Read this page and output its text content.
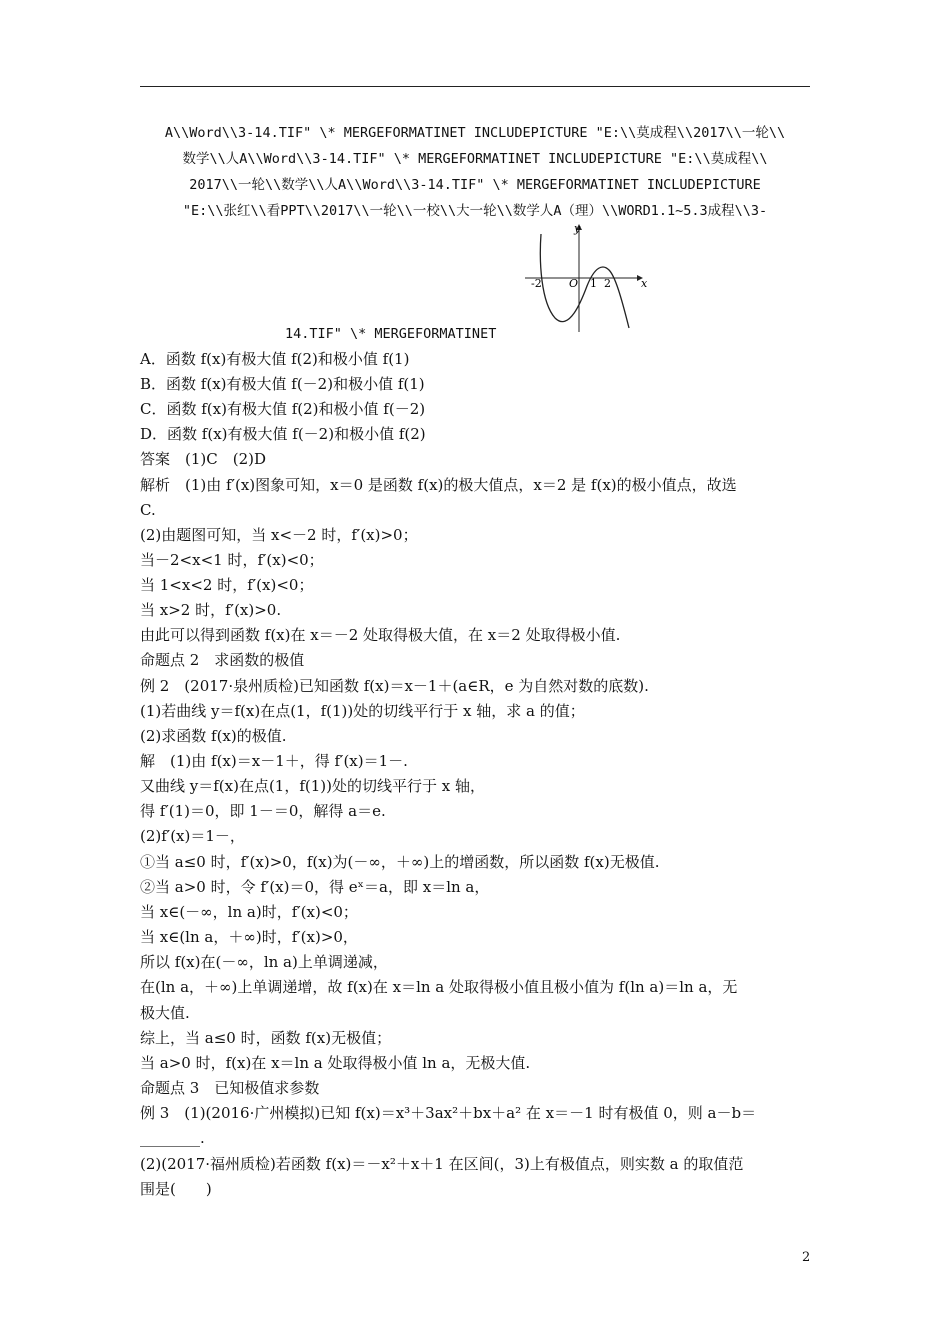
A\\Word\\3-14.TIF" \* MERGEFORMATINET INCLUDEPICTURE "E:\\莫成程\\2017\\一轮\\
数学\\人A\\Word\\3-14.TIF" \* MERGEFORMATINET INCLUDEPICTURE "E:\\莫成程\\
2017\\一轮\\数学\\人A\\Word\\3-14.TIF" \* MERGEFORMATINET INCLUDEPICTURE
"E:\\张红\\看PPT\\2017\\一轮\\一校\\大一轮\\数学人A（理）\\WORD1.1~5.3成程\\3-
y
x
O
-2	1 2
14.TIF" \* MERGEFORMATINET
A．函数 f(x)有极大值 f(2)和极小值 f(1)
B．函数 f(x)有极大值 f(－2)和极小值 f(1)
C．函数 f(x)有极大值 f(2)和极小值 f(－2)
D．函数 f(x)有极大值 f(－2)和极小值 f(2)
答案　(1)C　(2)D
解析　(1)由 f′(x)图象可知，x＝0 是函数 f(x)的极大值点，x＝2 是 f(x)的极小值点，故选
C.
(2)由题图可知，当 x<－2 时，f′(x)>0；
当－2<x<1 时，f′(x)<0；
当 1<x<2 时，f′(x)<0；
当 x>2 时，f′(x)>0.
由此可以得到函数 f(x)在 x＝－2 处取得极大值，在 x＝2 处取得极小值.
命题点 2　求函数的极值
例 2　(2017·泉州质检)已知函数 f(x)＝x－1＋(a∈R，e 为自然对数的底数).
(1)若曲线 y＝f(x)在点(1，f(1))处的切线平行于 x 轴，求 a 的值；
(2)求函数 f(x)的极值.
解　(1)由 f(x)＝x－1＋，得 f′(x)＝1－.
又曲线 y＝f(x)在点(1，f(1))处的切线平行于 x 轴，
得 f′(1)＝0，即 1－＝0，解得 a＝e.
(2)f′(x)＝1－，
①当 a≤0 时，f′(x)>0，f(x)为(－∞，＋∞)上的增函数，所以函数 f(x)无极值.
②当 a>0 时，令 f′(x)＝0，得 eˣ＝a，即 x＝ln a，
当 x∈(－∞，ln a)时，f′(x)<0；
当 x∈(ln a，＋∞)时，f′(x)>0，
所以 f(x)在(－∞，ln a)上单调递减，
在(ln a，＋∞)上单调递增，故 f(x)在 x＝ln a 处取得极小值且极小值为 f(ln a)＝ln a，无
极大值.
综上，当 a≤0 时，函数 f(x)无极值；
当 a>0 时，f(x)在 x＝ln a 处取得极小值 ln a，无极大值.
命题点 3　已知极值求参数
例 3　(1)(2016·广州模拟)已知 f(x)＝x³＋3ax²＋bx＋a² 在 x＝－1 时有极值 0，则 a－b＝
________.
(2)(2017·福州质检)若函数 f(x)＝－x²＋x＋1 在区间(，3)上有极值点，则实数 a 的取值范
围是(　　)
2
